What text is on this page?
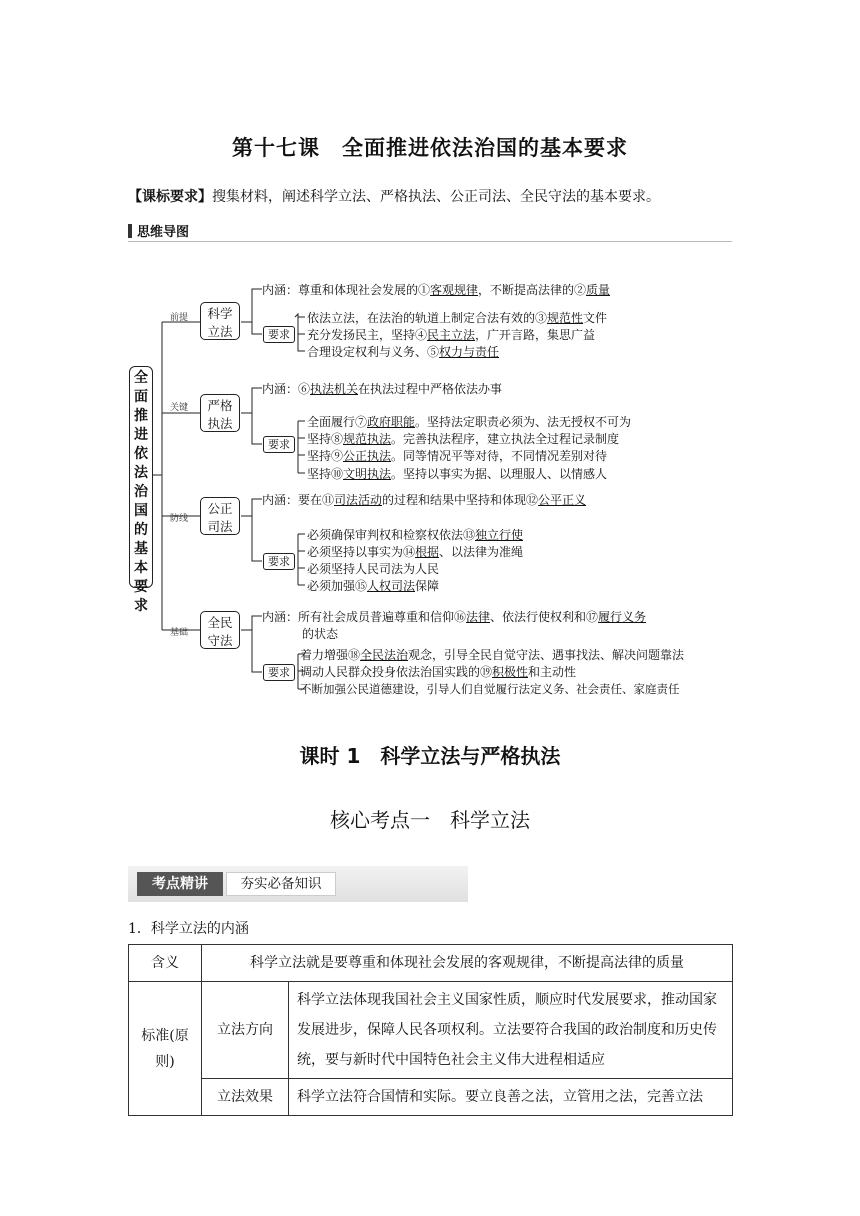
第十七课　全面推进依法治国的基本要求
【课标要求】搜集材料，阐述科学立法、严格执法、公正司法、全民守法的基本要求。
思维导图
全
面
推
进
依
法
治
国
的
基
本
要
求
前提
关键
防线
基础
科学
立法
严格
执法
公正
司法
全民
守法
要求
要求
要求
要求
内涵：尊重和体现社会发展的①客观规律，不断提高法律的②质量
依法立法，在法治的轨道上制定合法有效的③规范性文件
充分发扬民主，坚持④民主立法，广开言路，集思广益
合理设定权利与义务、⑤权力与责任
内涵：⑥执法机关在执法过程中严格依法办事
全面履行⑦政府职能。坚持法定职责必须为、法无授权不可为
坚持⑧规范执法。完善执法程序，建立执法全过程记录制度
坚持⑨公正执法。同等情况平等对待，不同情况差别对待
坚持⑩文明执法。坚持以事实为据、以理服人、以情感人
内涵：要在⑪司法活动的过程和结果中坚持和体现⑫公平正义
必须确保审判权和检察权依法⑬独立行使
必须坚持以事实为⑭根据、以法律为准绳
必须坚持人民司法为人民
必须加强⑮人权司法保障
内涵：所有社会成员普遍尊重和信仰⑯法律、依法行使权利和⑰履行义务
的状态
着力增强⑱全民法治观念，引导全民自觉守法、遇事找法、解决问题靠法
调动人民群众投身依法治国实践的⑲积极性和主动性
不断加强公民道德建设，引导人们自觉履行法定义务、社会责任、家庭责任
课时 1　科学立法与严格执法
核心考点一　科学立法
考点精讲	夯实必备知识
1．科学立法的内涵
含义	科学立法就是要尊重和体现社会发展的客观规律，不断提高法律的质量	
标准(原则)	立法方向	科学立法体现我国社会主义国家性质，顺应时代发展要求，推动国家发展进步，保障人民各项权利。立法要符合我国的政治制度和历史传统，要与新时代中国特色社会主义伟大进程相适应
	立法效果	科学立法符合国情和实际。要立良善之法，立管用之法，完善立法
